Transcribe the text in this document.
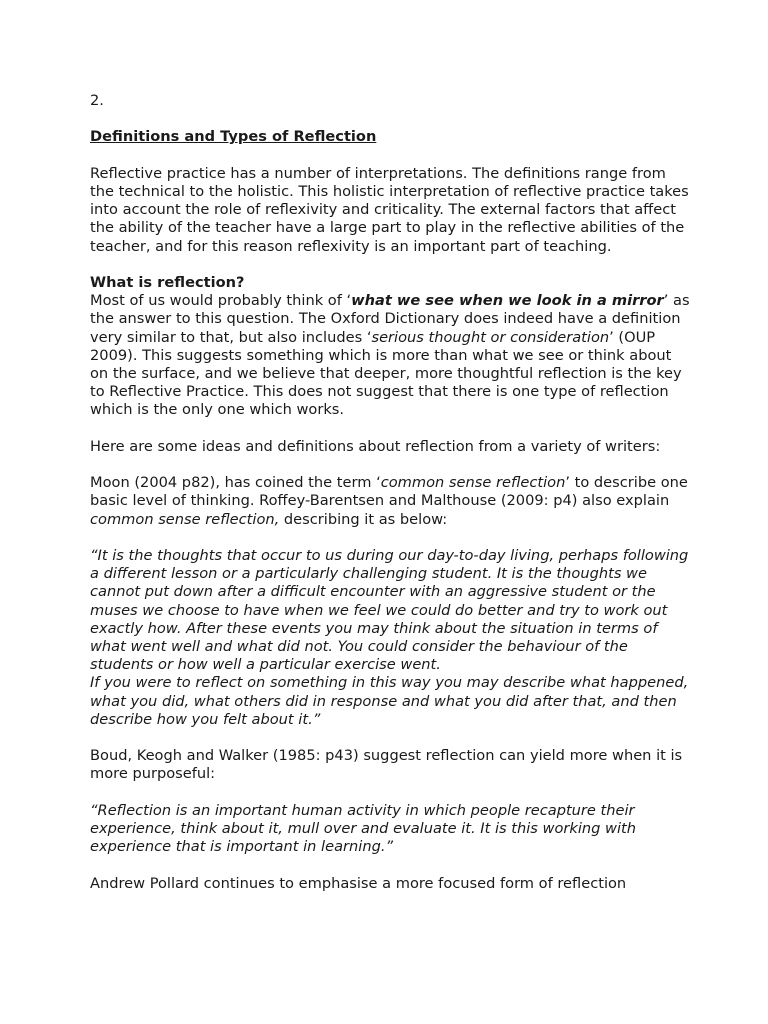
2.

Definitions and Types of Reflection

Reflective practice has a number of interpretations. The definitions range from the technical to the holistic. This holistic interpretation of reflective practice takes into account the role of reflexivity and criticality. The external factors that affect the ability of the teacher have a large part to play in the reflective abilities of the teacher, and for this reason reflexivity is an important part of teaching.

What is reflection?

Most of us would probably think of ‘what we see when we look in a mirror’ as the answer to this question. The Oxford Dictionary does indeed have a definition very similar to that, but also includes ‘serious thought or consideration’ (OUP 2009). This suggests something which is more than what we see or think about on the surface, and we believe that deeper, more thoughtful reflection is the key to Reflective Practice. This does not suggest that there is one type of reflection which is the only one which works.

Here are some ideas and definitions about reflection from a variety of writers:

Moon (2004 p82), has coined the term ‘common sense reflection’ to describe one basic level of thinking. Roffey-Barentsen and Malthouse (2009: p4) also explain common sense reflection, describing it as below:

“It is the thoughts that occur to us during our day-to-day living, perhaps following a different lesson or a particularly challenging student. It is the thoughts we cannot put down after a difficult encounter with an aggressive student or the muses we choose to have when we feel we could do better and try to work out exactly how. After these events you may think about the situation in terms of what went well and what did not. You could consider the behaviour of the students or how well a particular exercise went.

If you were to reflect on something in this way you may describe what happened, what you did, what others did in response and what you did after that, and then describe how you felt about it.”

Boud, Keogh and Walker (1985: p43) suggest reflection can yield more when it is more purposeful:

“Reflection is an important human activity in which people recapture their experience, think about it, mull over and evaluate it. It is this working with experience that is important in learning.”

Andrew Pollard continues to emphasise a more focused form of reflection
